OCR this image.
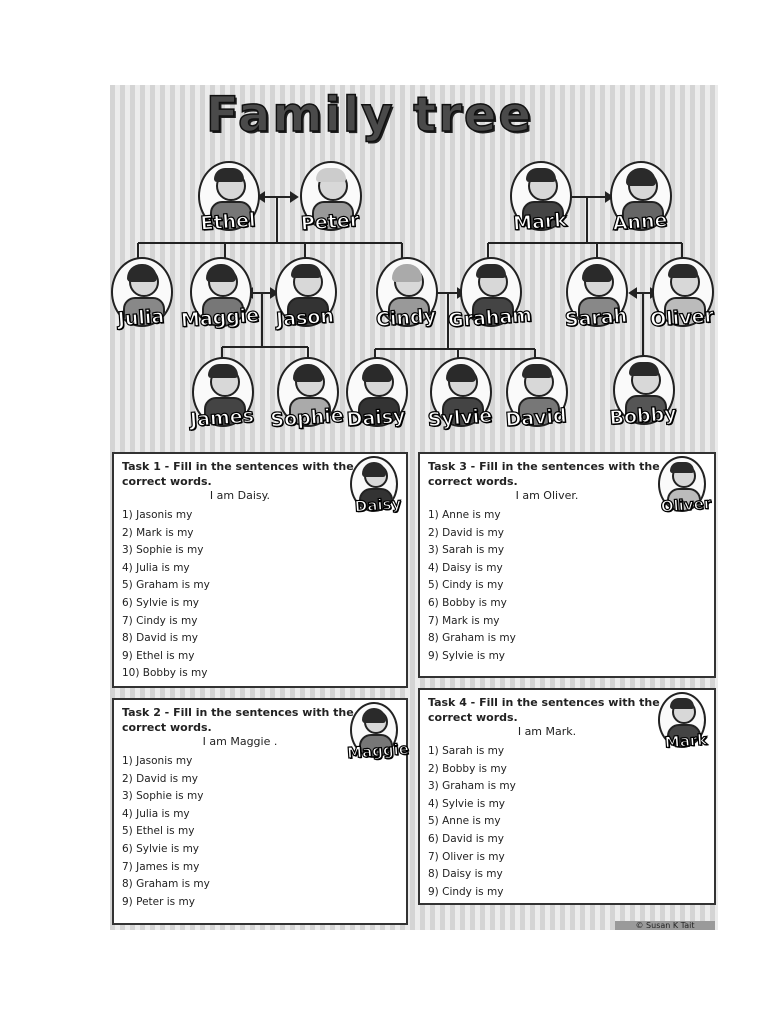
Family tree
Ethel	Peter	Mark	Anne
Julia Maggie Jason	Cindy Graham	Sarah	Oliver
James Sophie Daisy	Sylvie David	Bobby
Task 1 - Fill in the sentences with the correct words.
I am Daisy.	Daisy
1) Jasonis my
2) Mark is my
3) Sophie is my
4) Julia is my
5) Graham is my
6) Sylvie is my
7) Cindy is my
8) David is my
9) Ethel is my
10) Bobby is my
Task 2 - Fill in the sentences with the correct words.
I am Maggie .	Maggie
1) Jasonis my
2) David is my
3) Sophie is my
4) Julia is my
5) Ethel is my
6) Sylvie is my
7) James is my
8) Graham is my
9) Peter is my
Task 3 - Fill in the sentences with the correct words.
I am Oliver.	Oliver
1) Anne is my
2) David is my
3) Sarah is my
4) Daisy is my
5) Cindy is my
6) Bobby is my
7) Mark is my
8) Graham is my
9) Sylvie is my
Task 4 - Fill in the sentences with the correct words.
I am Mark.	Mark
1) Sarah is my
2) Bobby is my
3) Graham is my
4) Sylvie is my
5) Anne is my
6) David is my
7) Oliver is my
8) Daisy is my
9) Cindy is my
© Susan K Tait
